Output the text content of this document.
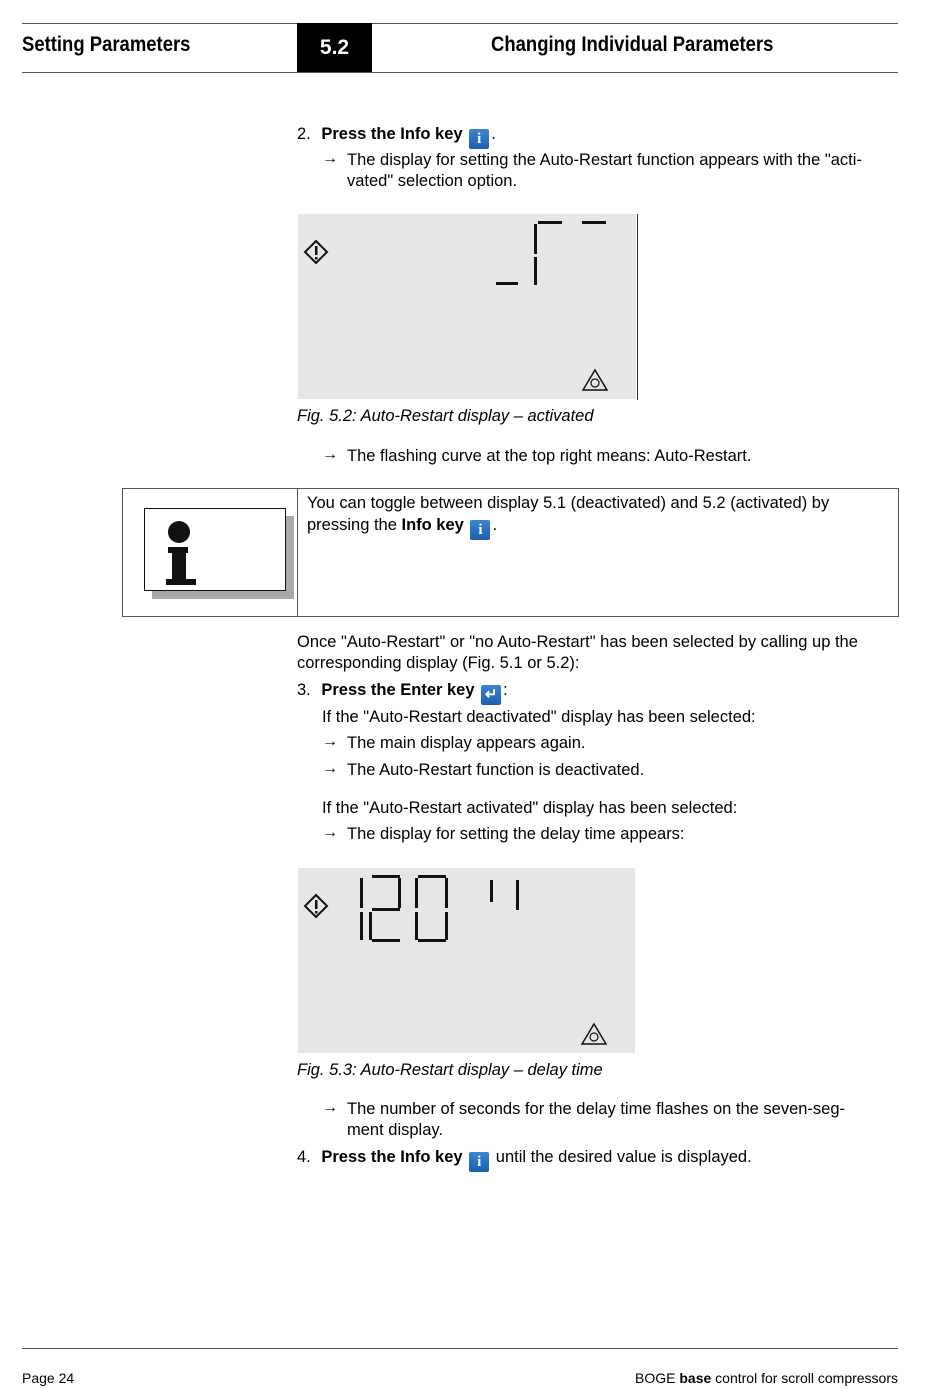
Setting Parameters	5.2	Changing Individual Parameters
2. Press the Info key i .
→ The display for setting the Auto-Restart function appears with the "acti-
vated" selection option.
Fig. 5.2: Auto-Restart display – activated
→ The flashing curve at the top right means: Auto-Restart.
You can toggle between display 5.1 (deactivated) and 5.2 (activated) by
pressing the Info key i .
Once "Auto-Restart" or "no Auto-Restart" has been selected by calling up the
corresponding display (Fig. 5.1 or 5.2):
3. Press the Enter key ↵ :
If the "Auto-Restart deactivated" display has been selected:
→ The main display appears again.
→ The Auto-Restart function is deactivated.
If the "Auto-Restart activated" display has been selected:
→ The display for setting the delay time appears:
Fig. 5.3: Auto-Restart display – delay time
→ The number of seconds for the delay time flashes on the seven-seg-
ment display.
4. Press the Info key i until the desired value is displayed.
Page 24	BOGE base control for scroll compressors
